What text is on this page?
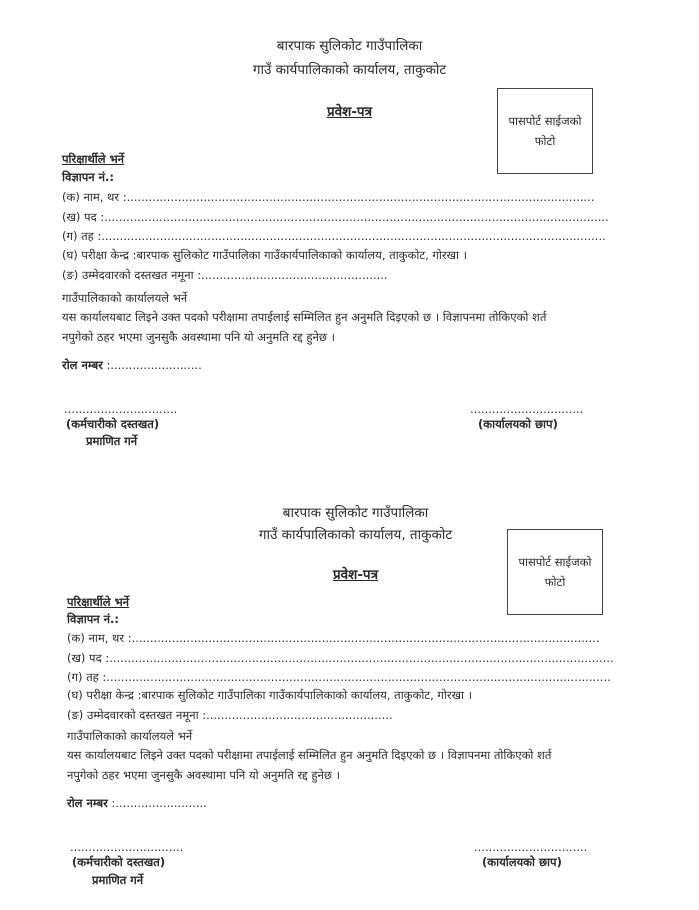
बारपाक सुलिकोट गाउँपालिका
गाउँ कार्यपालिकाको कार्यालय, ताकुकोट
प्रवेश-पत्र
पासपोर्ट साईजको
फोटो
परिक्षार्थीले भर्ने
विज्ञापन नं.:
(क) नाम, थर :................................................................................................................................
(ख) पद :..........................................................................................................................................
(ग) तह :..........................................................................................................................................
(घ) परीक्षा केन्द्र :बारपाक सुलिकोट गाउँपालिका गाउँकार्यपालिकाको कार्यालय, ताकुकोट, गोरखा ।
(ङ) उम्मेदवारको दस्तखत नमूना :...................................................
गाउँपालिकाको कार्यालयले भर्ने
यस कार्यालयबाट लिइने उक्त पदको परीक्षामा तपाईलाई सम्मिलित हुन अनुमति दिइएको छ । विज्ञापनमा तोकिएको शर्त
नपुगेको ठहर भएमा जुनसुकै अवस्थामा पनि यो अनुमति रद्द हुनेछ ।
रोल नम्बर :.........................
...............................	...............................
(कर्मचारीको दस्तखत)	(कार्यालयको छाप)
प्रमाणित गर्ने
बारपाक सुलिकोट गाउँपालिका
गाउँ कार्यपालिकाको कार्यालय, ताकुकोट
प्रवेश-पत्र
पासपोर्ट साईजको
फोटो
परिक्षार्थीले भर्ने
विज्ञापन नं.:
(क) नाम, थर :................................................................................................................................
(ख) पद :..........................................................................................................................................
(ग) तह :..........................................................................................................................................
(घ) परीक्षा केन्द्र :बारपाक सुलिकोट गाउँपालिका गाउँकार्यपालिकाको कार्यालय, ताकुकोट, गोरखा ।
(ङ) उम्मेदवारको दस्तखत नमूना :...................................................
गाउँपालिकाको कार्यालयले भर्ने
यस कार्यालयबाट लिइने उक्त पदको परीक्षामा तपाईलाई सम्मिलित हुन अनुमति दिइएको छ । विज्ञापनमा तोकिएको शर्त
नपुगेको ठहर भएमा जुनसुकै अवस्थामा पनि यो अनुमति रद्द हुनेछ ।
रोल नम्बर :.........................
...............................	...............................
(कर्मचारीको दस्तखत)	(कार्यालयको छाप)
प्रमाणित गर्ने
